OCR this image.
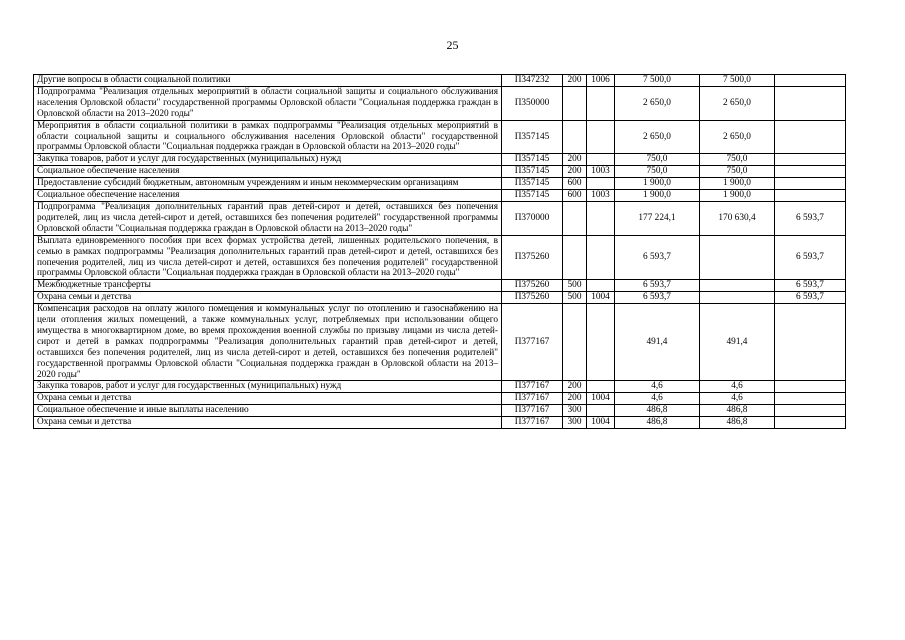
25
Другие вопросы в области социальной политики	П347232	200	1006	7 500,0	7 500,0	
Подпрограмма "Реализация отдельных мероприятий в области социальной защиты и социального обслуживания населения Орловской области" государственной программы Орловской области "Социальная поддержка граждан в Орловской области на 2013–2020 годы"	П350000			2 650,0	2 650,0	
Мероприятия в области социальной политики в рамках подпрограммы "Реализация отдельных мероприятий в области социальной защиты и социального обслуживания населения Орловской области" государственной программы Орловской области "Социальная поддержка граждан в Орловской области на 2013–2020 годы"	П357145			2 650,0	2 650,0	
Закупка товаров, работ и услуг для государственных (муниципальных) нужд	П357145	200		750,0	750,0	
Социальное обеспечение населения	П357145	200	1003	750,0	750,0	
Предоставление субсидий бюджетным, автономным учреждениям и иным некоммерческим организациям	П357145	600		1 900,0	1 900,0	
Социальное обеспечение населения	П357145	600	1003	1 900,0	1 900,0	
Подпрограмма "Реализация дополнительных гарантий прав детей-сирот и детей, оставшихся без попечения родителей, лиц из числа детей-сирот и детей, оставшихся без попечения родителей" государственной программы Орловской области "Социальная поддержка граждан в Орловской области на 2013–2020 годы"	П370000			177 224,1	170 630,4	6 593,7
Выплата единовременного пособия при всех формах устройства детей, лишенных родительского попечения, в семью в рамках подпрограммы "Реализация дополнительных гарантий прав детей-сирот и детей, оставшихся без попечения родителей, лиц из числа детей-сирот и детей, оставшихся без попечения родителей" государственной программы Орловской области "Социальная поддержка граждан в Орловской области на 2013–2020 годы"	П375260			6 593,7		6 593,7
Межбюджетные трансферты	П375260	500		6 593,7		6 593,7
Охрана семьи и детства	П375260	500	1004	6 593,7		6 593,7
Компенсация расходов на оплату жилого помещения и коммунальных услуг по отоплению и газоснабжению на цели отопления жилых помещений, а также коммунальных услуг, потребляемых при использовании общего имущества в многоквартирном доме, во время прохождения военной службы по призыву лицами из числа детей-сирот и детей в рамках подпрограммы "Реализация дополнительных гарантий прав детей-сирот и детей, оставшихся без попечения родителей, лиц из числа детей-сирот и детей, оставшихся без попечения родителей" государственной программы Орловской области "Социальная поддержка граждан в Орловской области на 2013–2020 годы"	П377167			491,4	491,4	
Закупка товаров, работ и услуг для государственных (муниципальных) нужд	П377167	200		4,6	4,6	
Охрана семьи и детства	П377167	200	1004	4,6	4,6	
Социальное обеспечение и иные выплаты населению	П377167	300		486,8	486,8	
Охрана семьи и детства	П377167	300	1004	486,8	486,8	
